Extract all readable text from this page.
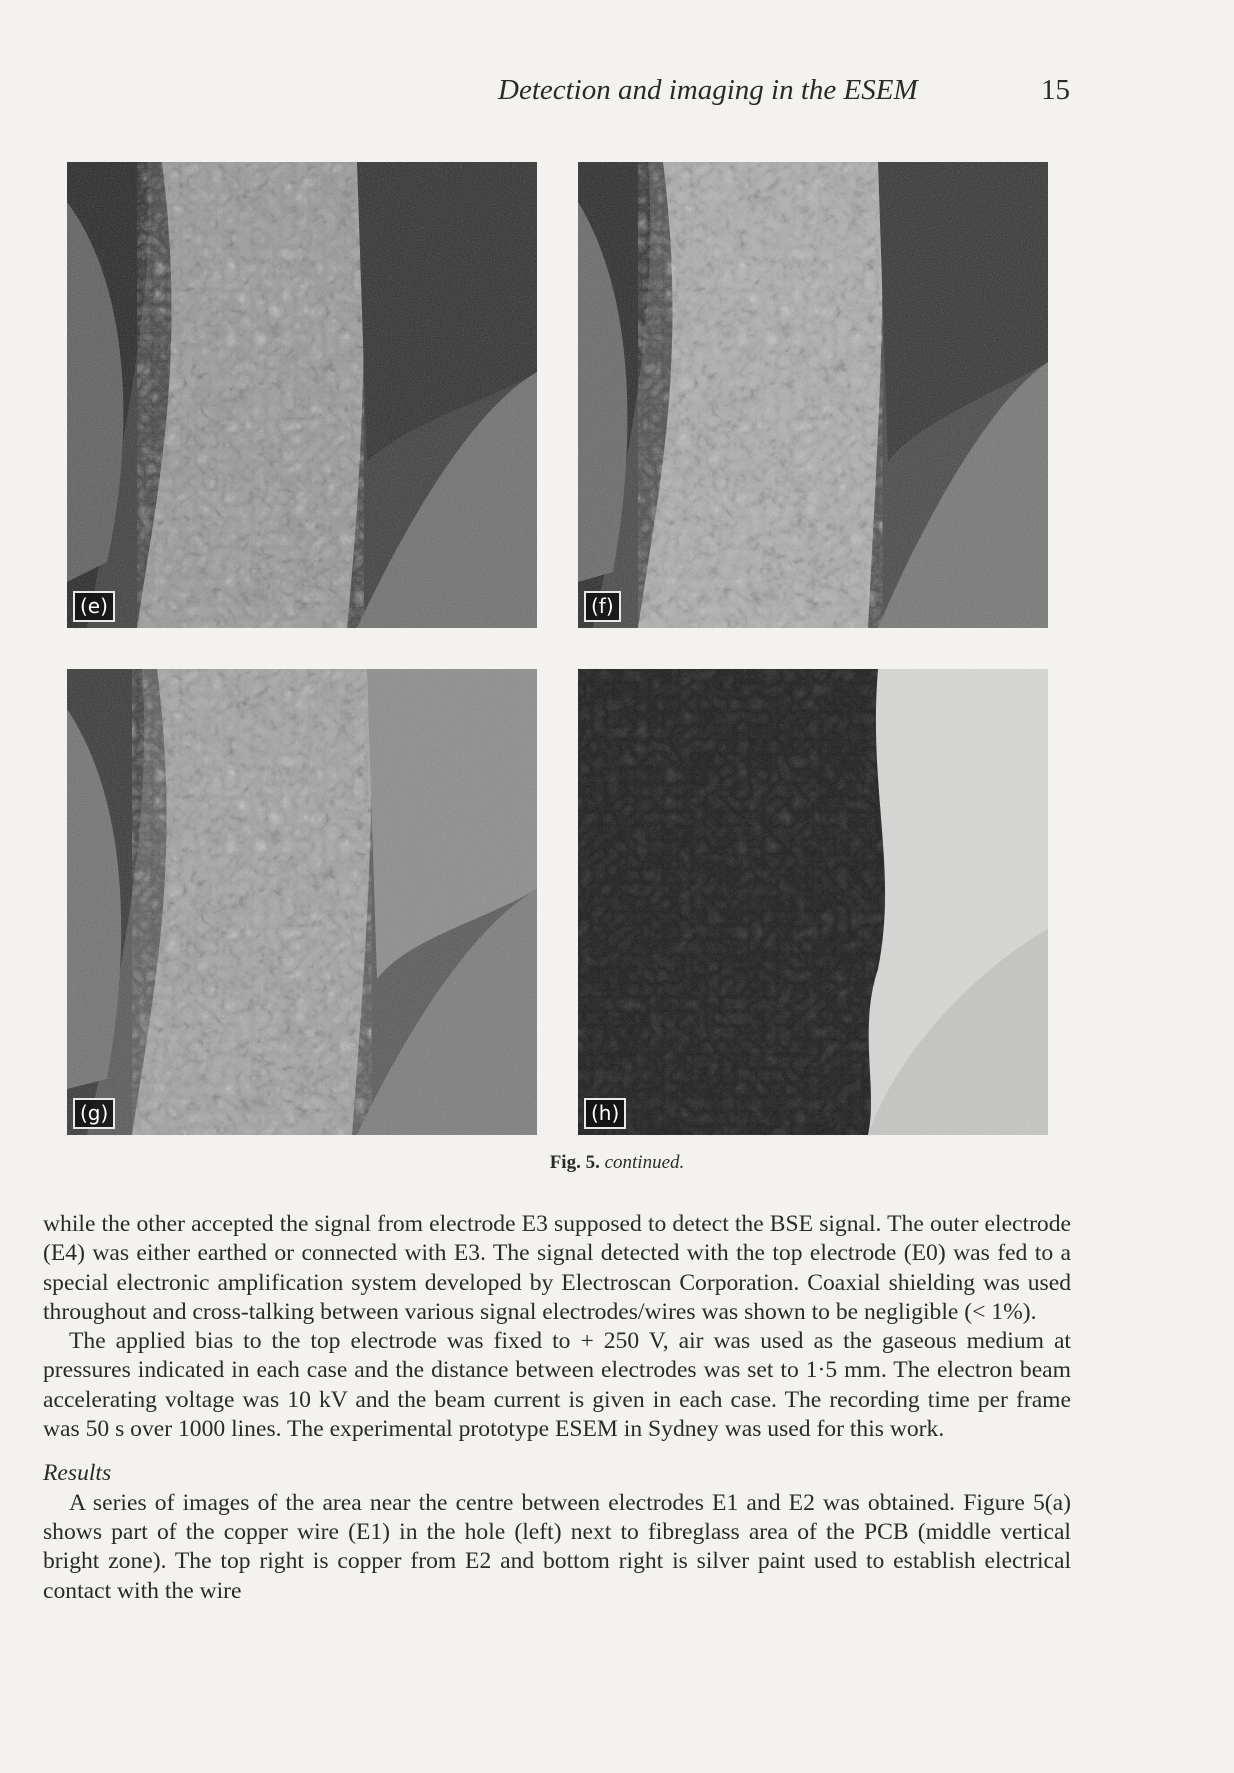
Detection and imaging in the ESEM	15
(e)	(f)
(g)	(h)
Fig. 5. continued.

while the other accepted the signal from electrode E3 supposed to detect the BSE signal. The outer electrode (E4) was either earthed or connected with E3. The signal detected with the top electrode (E0) was fed to a special electronic amplification system developed by Electroscan Corporation. Coaxial shielding was used throughout and cross-talking between various signal electrodes/wires was shown to be negligible (< 1%).

The applied bias to the top electrode was fixed to + 250 V, air was used as the gaseous medium at pressures indicated in each case and the distance between electrodes was set to 1·5 mm. The electron beam accelerating voltage was 10 kV and the beam current is given in each case. The recording time per frame was 50 s over 1000 lines. The experimental prototype ESEM in Sydney was used for this work.

Results

A series of images of the area near the centre between electrodes E1 and E2 was obtained. Figure 5(a) shows part of the copper wire (E1) in the hole (left) next to fibreglass area of the PCB (middle vertical bright zone). The top right is copper from E2 and bottom right is silver paint used to establish electrical contact with the wire
